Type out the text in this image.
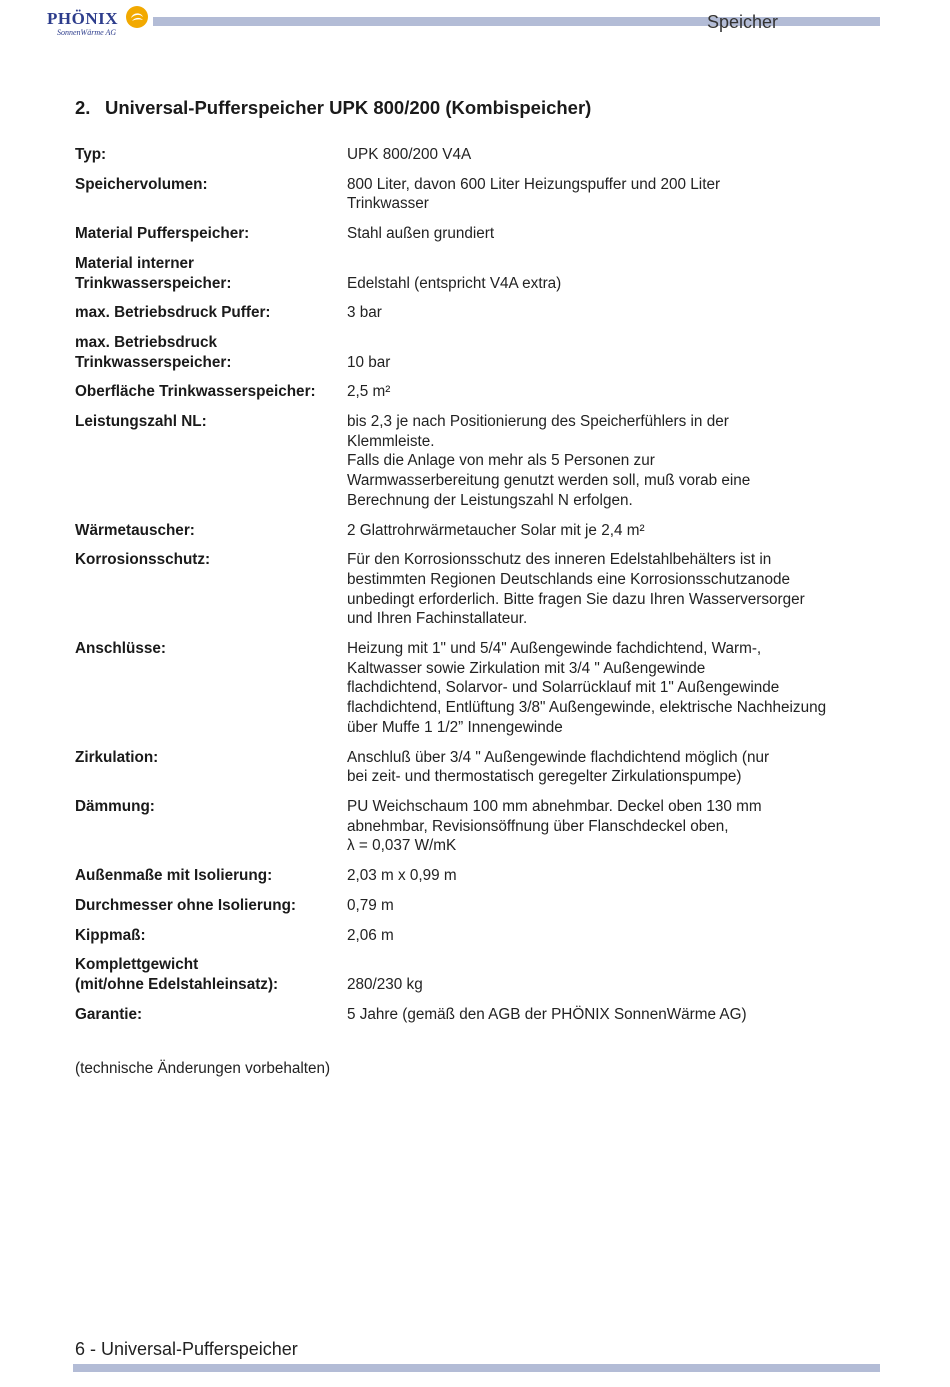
PHÖNIX
SonnenWärme AG
Speicher
2. Universal-Pufferspeicher UPK 800/200 (Kombispeicher)
Typ:	UPK 800/200 V4A

Speichervolumen:	800 Liter, davon 600 Liter Heizungspuffer und 200 Liter
Trinkwasser

Material Pufferspeicher:	Stahl außen grundiert

Material interner
Trinkwasserspeicher:	Edelstahl (entspricht V4A extra)

max. Betriebsdruck Puffer:	3 bar

max. Betriebsdruck
Trinkwasserspeicher:	10 bar

Oberfläche Trinkwasserspeicher:	2,5 m²

Leistungszahl NL:	bis 2,3 je nach Positionierung des Speicherfühlers in der
Klemmleiste.
Falls die Anlage von mehr als 5 Personen zur
Warmwasserbereitung genutzt werden soll, muß vorab eine
Berechnung der Leistungszahl N erfolgen.

Wärmetauscher:	2 Glattrohrwärmetaucher Solar mit je 2,4 m²

Korrosionsschutz:	Für den Korrosionsschutz des inneren Edelstahlbehälters ist in
bestimmten Regionen Deutschlands eine Korrosionsschutzanode
unbedingt erforderlich. Bitte fragen Sie dazu Ihren Wasserversorger
und Ihren Fachinstallateur.

Anschlüsse:	Heizung mit 1" und 5/4" Außengewinde fachdichtend, Warm-,
Kaltwasser sowie Zirkulation mit 3/4 " Außengewinde
flachdichtend, Solarvor- und Solarrücklauf mit 1" Außengewinde
flachdichtend, Entlüftung 3/8" Außengewinde, elektrische Nachheizung
über Muffe 1 1/2” Innengewinde

Zirkulation:	Anschluß über 3/4 " Außengewinde flachdichtend möglich (nur
bei zeit- und thermostatisch geregelter Zirkulationspumpe)

Dämmung:	PU Weichschaum 100 mm abnehmbar. Deckel oben 130 mm
abnehmbar, Revisionsöffnung über Flanschdeckel oben,
λ = 0,037 W/mK

Außenmaße mit Isolierung:	2,03 m x 0,99 m

Durchmesser ohne Isolierung:	0,79 m

Kippmaß:	2,06 m

Komplettgewicht
(mit/ohne Edelstahleinsatz):	280/230 kg

Garantie:	5 Jahre (gemäß den AGB der PHÖNIX SonnenWärme AG)
(technische Änderungen vorbehalten)
6 - Universal-Pufferspeicher
